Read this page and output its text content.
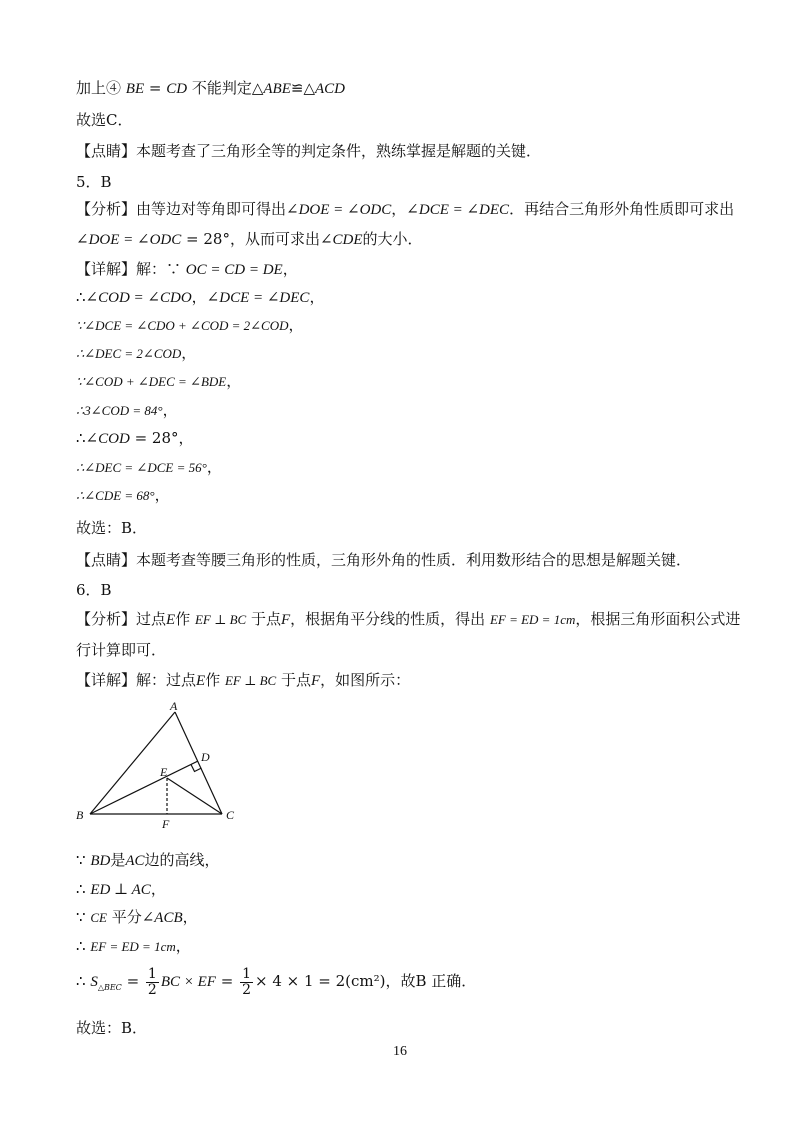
加上④ BE = CD 不能判定△ABE≌△ACD
故选C．
【点睛】本题考查了三角形全等的判定条件，熟练掌握是解题的关键．
5．B
【分析】由等边对等角即可得出∠DOE = ∠ODC，∠DCE = ∠DEC．再结合三角形外角性质即可求出
∠DOE = ∠ODC = 28°，从而可求出∠CDE的大小．
【详解】解：∵ OC = CD = DE，
∴∠COD = ∠CDO，∠DCE = ∠DEC，
∵∠DCE = ∠CDO + ∠COD = 2∠COD，
∴∠DEC = 2∠COD，
∵∠COD + ∠DEC = ∠BDE，
∴3∠COD = 84°，
∴∠COD = 28°，
∴∠DEC = ∠DCE = 56°，
∴∠CDE = 68°，
故选：B．
【点睛】本题考查等腰三角形的性质，三角形外角的性质．利用数形结合的思想是解题关键．
6．B
【分析】过点E作 EF ⊥ BC 于点F，根据角平分线的性质，得出 EF = ED = 1cm，根据三角形面积公式进
行计算即可．
【详解】解：过点E作 EF ⊥ BC 于点F，如图所示：
A
D
E
B	C
F
∵ BD是AC边的高线，
∴ ED ⊥ AC，
∵ CE 平分∠ACB，
∴ EF = ED = 1cm，
∴ $S_{\triangle BEC} = \frac{1}{2}$ BC × EF = $\frac{1}{2} \times 4 \times 1 = 2(cm^2)$，故B 正确．
故选：B．
16
